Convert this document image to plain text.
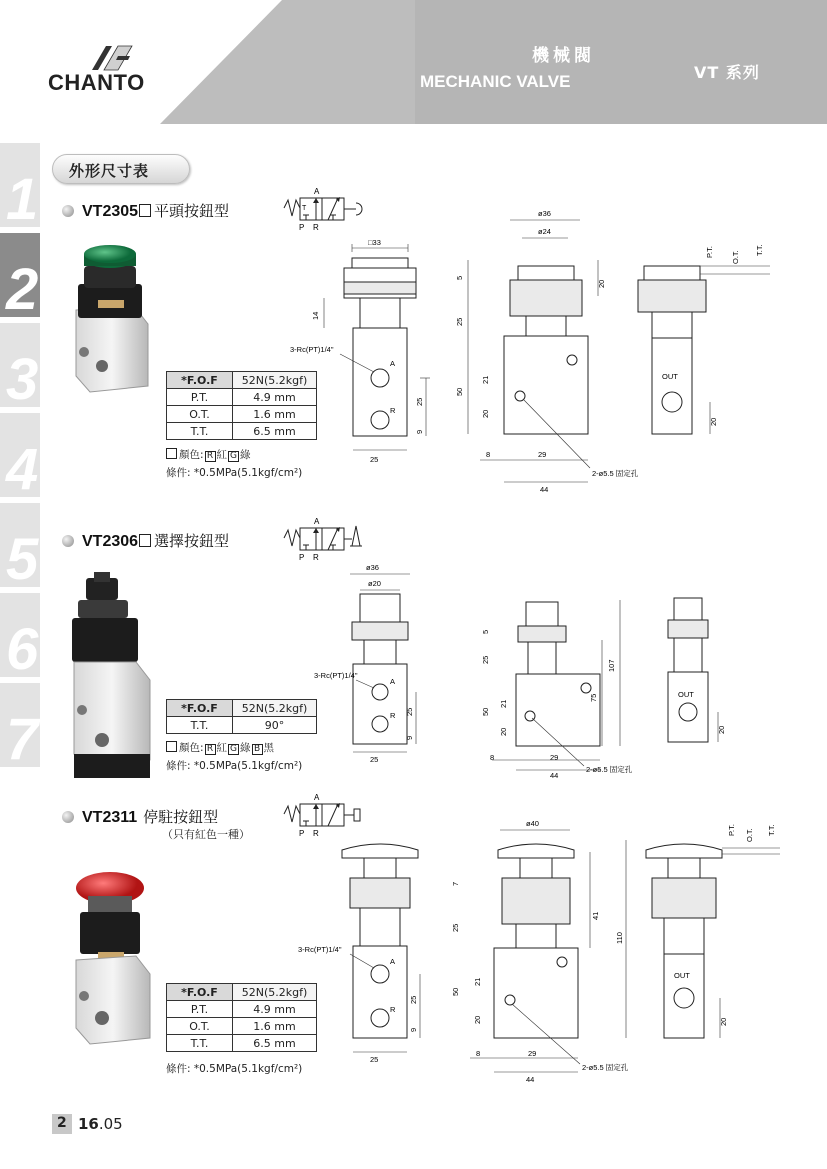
CHANTO
機械閥
MECHANIC VALVE	VT 系列
1
2
3
4
5
6
7
外形尺寸表
VT2305 平頭按鈕型
A
P R
T
*F.O.F	52N(5.2kgf)
P.T.	4.9 mm
O.T.	1.6 mm
T.T.	6.5 mm
顏色: R 紅 G 綠
條件: *0.5MPa(5.1kgf/cm²)
□33
A
R
3-Rc(PT)1/4"
25
14
25
9
ø36
ø24
5
25
50
21
20
20
8	29
44
2-ø5.5 固定孔
OUT
20
P.T. O.T.
T.T.
VT2306 選擇按鈕型
A
P R
*F.O.F	52N(5.2kgf)
T.T.	90°
顏色: R 紅 G 綠 B 黑
條件: *0.5MPa(5.1kgf/cm²)
ø36
ø20
A
R
3-Rc(PT)1/4"
25
25
9
5
25
50
21
20
75
107
8	29
44
2-ø5.5 固定孔
OUT
20
VT2311 停駐按鈕型
（只有紅色一種）
A
P R
*F.O.F	52N(5.2kgf)
P.T.	4.9 mm
O.T.	1.6 mm
T.T.	6.5 mm
條件: *0.5MPa(5.1kgf/cm²)
A
R
3-Rc(PT)1/4"
25
25
9
ø40
7
25
50
21
20
41
110
8	29
44
2-ø5.5 固定孔
OUT
20
P.T. O.T. T.T.
2 16.05
